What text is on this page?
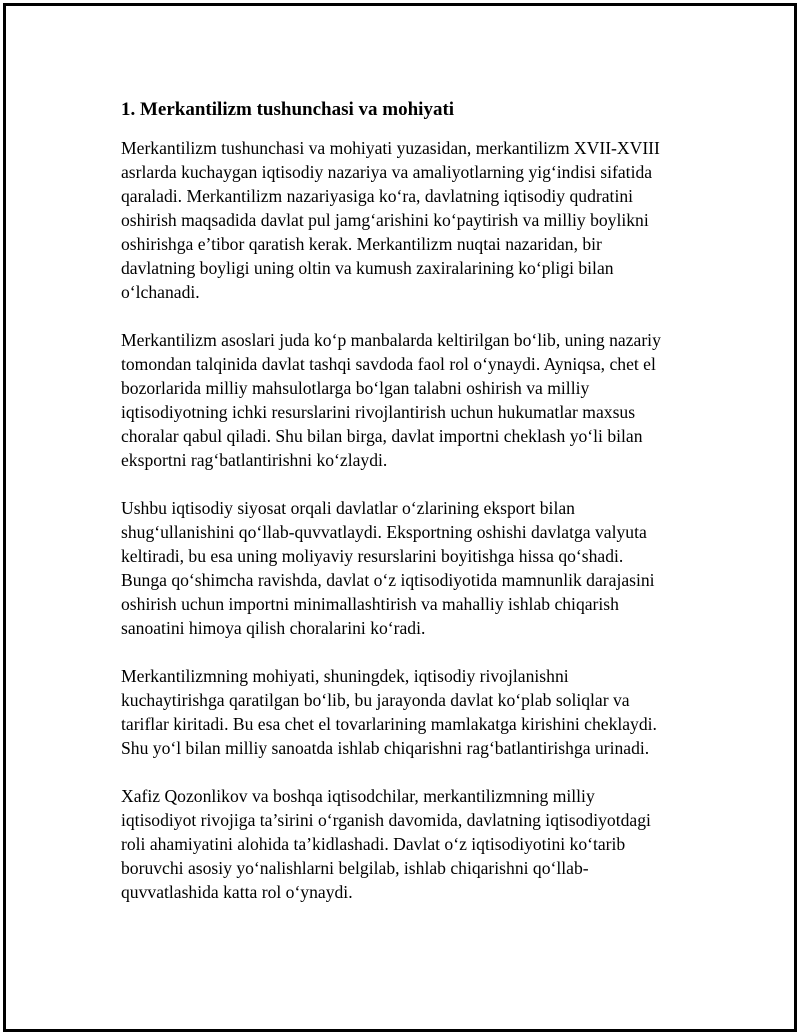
1. Merkantilizm tushunchasi va mohiyati

Merkantilizm tushunchasi va mohiyati yuzasidan, merkantilizm XVII-XVIII
asrlarda kuchaygan iqtisodiy nazariya va amaliyotlarning yig‘indisi sifatida
qaraladi. Merkantilizm nazariyasiga ko‘ra, davlatning iqtisodiy qudratini
oshirish maqsadida davlat pul jamg‘arishini ko‘paytirish va milliy boylikni
oshirishga e’tibor qaratish kerak. Merkantilizm nuqtai nazaridan, bir
davlatning boyligi uning oltin va kumush zaxiralarining ko‘pligi bilan
o‘lchanadi.

Merkantilizm asoslari juda ko‘p manbalarda keltirilgan bo‘lib, uning nazariy
tomondan talqinida davlat tashqi savdoda faol rol o‘ynaydi. Ayniqsa, chet el
bozorlarida milliy mahsulotlarga bo‘lgan talabni oshirish va milliy
iqtisodiyotning ichki resurslarini rivojlantirish uchun hukumatlar maxsus
choralar qabul qiladi. Shu bilan birga, davlat importni cheklash yo‘li bilan
eksportni rag‘batlantirishni ko‘zlaydi.

Ushbu iqtisodiy siyosat orqali davlatlar o‘zlarining eksport bilan
shug‘ullanishini qo‘llab-quvvatlaydi. Eksportning oshishi davlatga valyuta
keltiradi, bu esa uning moliyaviy resurslarini boyitishga hissa qo‘shadi.
Bunga qo‘shimcha ravishda, davlat o‘z iqtisodiyotida mamnunlik darajasini
oshirish uchun importni minimallashtirish va mahalliy ishlab chiqarish
sanoatini himoya qilish choralarini ko‘radi.

Merkantilizmning mohiyati, shuningdek, iqtisodiy rivojlanishni
kuchaytirishga qaratilgan bo‘lib, bu jarayonda davlat ko‘plab soliqlar va
tariflar kiritadi. Bu esa chet el tovarlarining mamlakatga kirishini cheklaydi.
Shu yo‘l bilan milliy sanoatda ishlab chiqarishni rag‘batlantirishga urinadi.

Xafiz Qozonlikov va boshqa iqtisodchilar, merkantilizmning milliy
iqtisodiyot rivojiga ta’sirini o‘rganish davomida, davlatning iqtisodiyotdagi
roli ahamiyatini alohida ta’kidlashadi. Davlat o‘z iqtisodiyotini ko‘tarib
boruvchi asosiy yo‘nalishlarni belgilab, ishlab chiqarishni qo‘llab-
quvvatlashida katta rol o‘ynaydi.
